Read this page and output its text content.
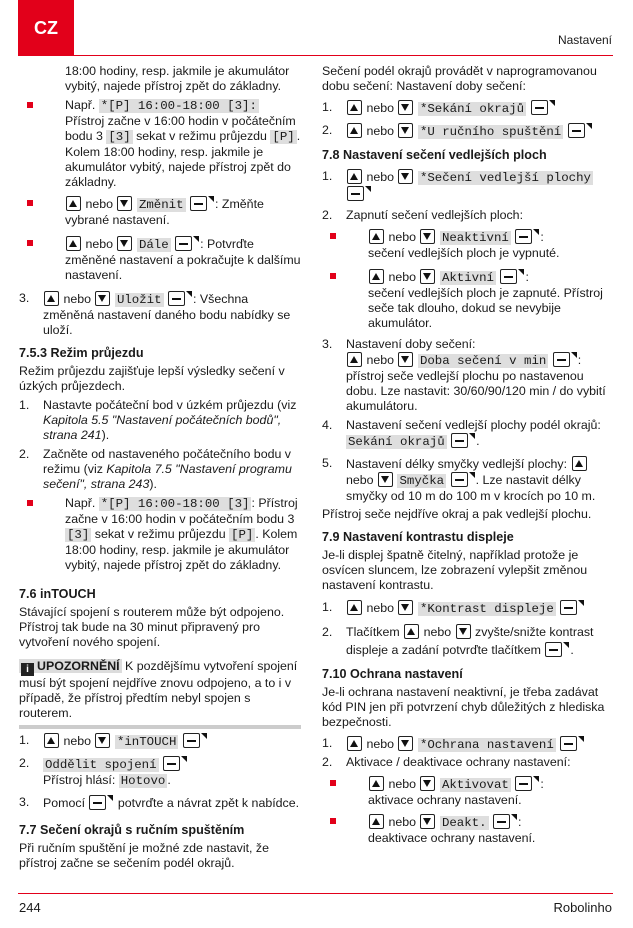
CZ
Nastavení

18:00 hodiny, resp. jakmile je akumulátor vybitý, najede přístroj zpět do základny.

Např. *[P] 16:00-18:00 [3]: Přístroj začne v 16:00 hodin v počátečním bodu 3 [3] sekat v režimu průjezdu [P] . Kolem 18:00 hodiny, resp. jakmile je akumulátor vybitý, najede přístroj zpět do základny.

nebo Změnit	: Změňte vybrané nastavení.

nebo Dále	: Potvrďte změněné nastavení a pokračujte k dalšímu nastavení.

3.	nebo Uložit	: Všechna změněná nastavení daného bodu nabídky se uloží.

7.5.3 Režim průjezdu

Režim průjezdu zajišťuje lepší výsledky sečení v úzkých průjezdech.

1. Nastavte počáteční bod v úzkém průjezdu (viz Kapitola 5.5 "Nastavení počátečních bodů", strana 241).

2. Začněte od nastaveného počátečního bodu v režimu (viz Kapitola 7.5 "Nastavení programu sečení", strana 243).

Např. *[P] 16:00-18:00 [3] : Přístroj začne v 16:00 hodin v počátečním bodu 3 [3] sekat v režimu průjezdu [P] . Kolem 18:00 hodiny, resp. jakmile je akumulátor vybitý, najede přístroj zpět do základny.

7.6 inTOUCH

Stávající spojení s routerem může být odpojeno. Přístroj tak bude na 30 minut připravený pro vytvoření nového spojení.

i UPOZORNĚNÍ K pozdějšímu vytvoření spojení musí být spojení nejdříve znovu odpojeno, a to i v případě, že přístroj předtím nebyl spojen s routerem.

1.	nebo *inTOUCH

2. Oddělit spojení
Přístroj hlásí: Hotovo .

3. Pomocí  potvrďte a návrat zpět k nabídce.

7.7 Sečení okrajů s ručním spuštěním

Při ručním spuštění je možné zde nastavit, že přístroj začne se sečením podél okrajů.

Sečení podél okrajů provádět v naprogramovanou dobu sečení: Nastavení doby sečení:

1.	nebo *Sekání okrajů

2.	nebo *U ručního spuštění

7.8 Nastavení sečení vedlejších ploch

1.	nebo *Sečení vedlejší plochy

2. Zapnutí sečení vedlejších ploch:

nebo Neaktivní	:
sečení vedlejších ploch je vypnuté.

nebo Aktivní	:
sečení vedlejších ploch je zapnuté. Přístroj seče tak dlouho, dokud se nevybije akumulátor.

3. Nastavení doby sečení:
nebo Doba sečení v min	:
přístroj seče vedlejší plochu po nastavenou dobu. Lze nastavit: 30/60/90/120 min / do vybití akumulátoru.

4. Nastavení sečení vedlejší plochy podél okrajů: Sekání okrajů	.

5. Nastavení délky smyčky vedlejší plochy:
nebo Smyčka	. Lze nastavit délky smyčky od 10 m do 100 m v krocích po 10 m.

Přístroj seče nejdříve okraj a pak vedlejší plochu.

7.9 Nastavení kontrastu displeje

Je-li displej špatně čitelný, například protože je osvícen sluncem, lze zobrazení vylepšit změnou nastavení kontrastu.

1.	nebo *Kontrast displeje

2. Tlačítkem  nebo  zvyšte/snižte kontrast displeje a zadání potvrďte tlačítkem .

7.10 Ochrana nastavení

Je-li ochrana nastavení neaktivní, je třeba zadávat kód PIN jen při potvrzení chyb důležitých z hlediska bezpečnosti.

1.	nebo *Ochrana nastavení

2. Aktivace / deaktivace ochrany nastavení:

nebo Aktivovat	:
aktivace ochrany nastavení.

nebo Deakt.	:
deaktivace ochrany nastavení.

244	Robolinho
